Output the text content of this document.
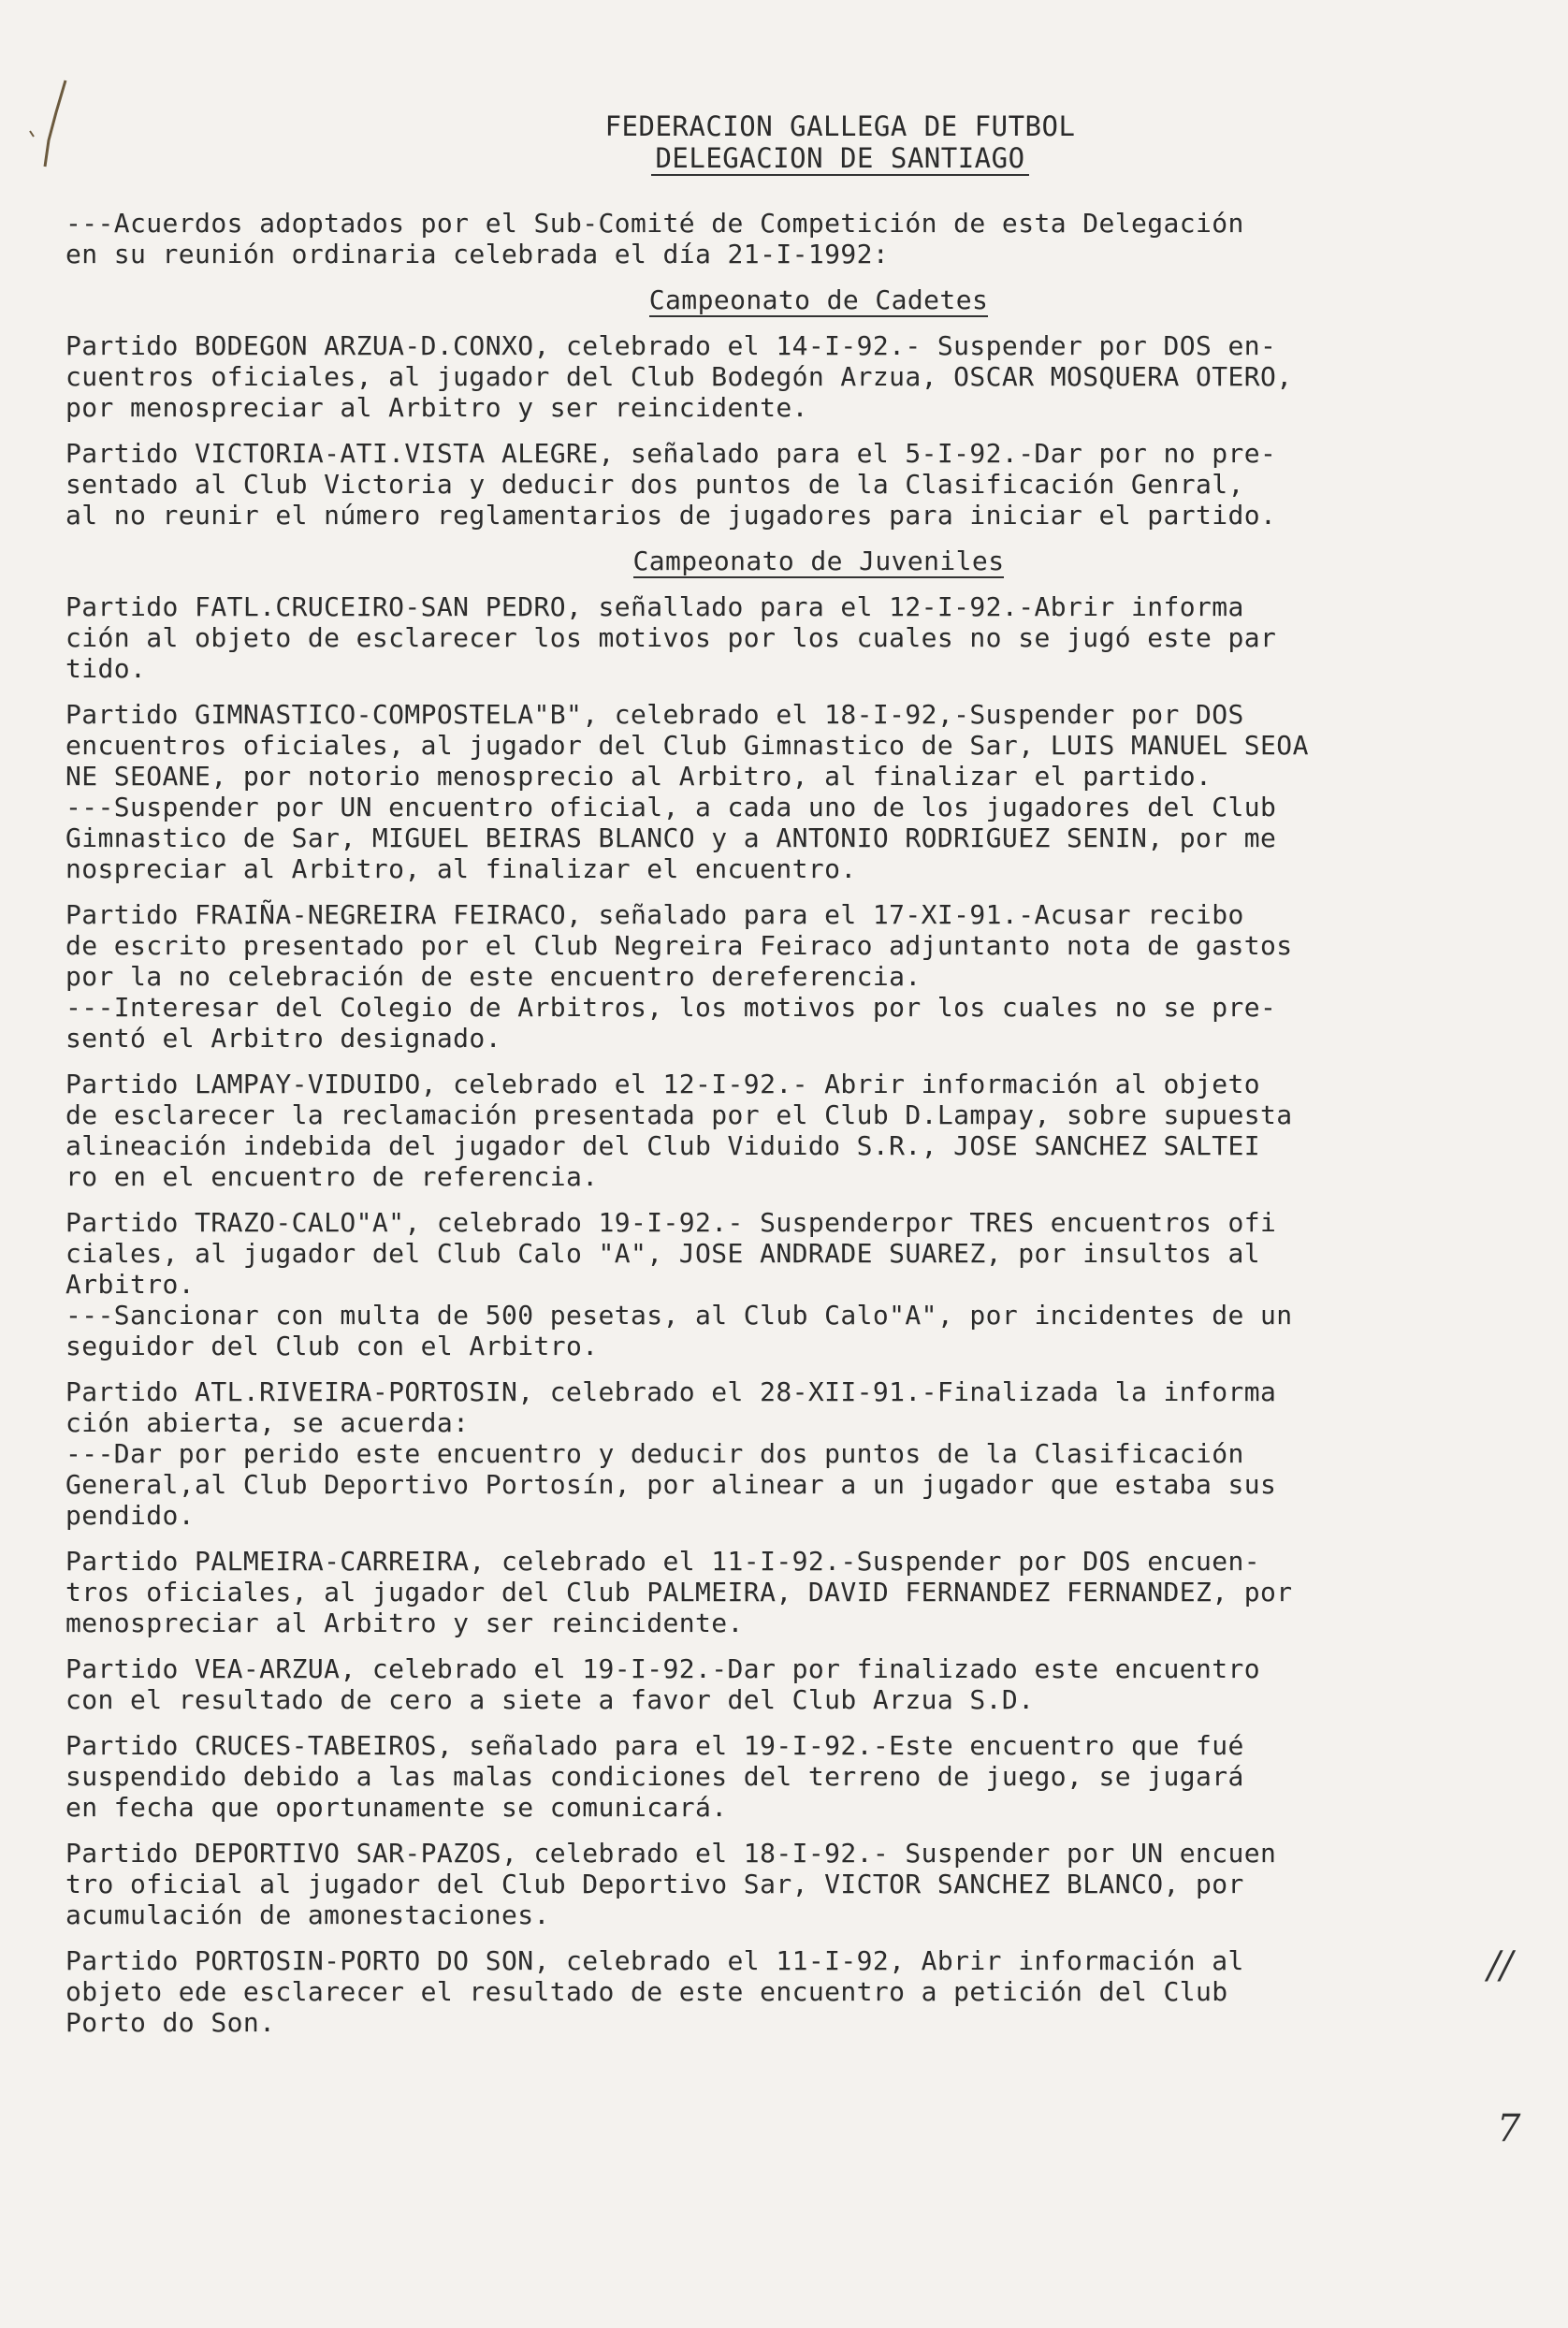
FEDERACION GALLEGA DE FUTBOL
DELEGACION DE SANTIAGO

---Acuerdos adoptados por el Sub-Comité de Competición de esta Delegación
en su reunión ordinaria celebrada el día 21-I-1992:

Campeonato de Cadetes

Partido BODEGON ARZUA-D.CONXO, celebrado el 14-I-92.- Suspender por DOS en-
cuentros oficiales, al jugador del Club Bodegón Arzua, OSCAR MOSQUERA OTERO,
por menospreciar al Arbitro y ser reincidente.

Partido VICTORIA-ATI.VISTA ALEGRE, señalado para el 5-I-92.-Dar por no pre-
sentado al Club Victoria y deducir dos puntos de la Clasificación Genral,
al no reunir el número reglamentarios de jugadores para iniciar el partido.

Campeonato de Juveniles

Partido FATL.CRUCEIRO-SAN PEDRO, señallado para el 12-I-92.-Abrir informa
ción al objeto de esclarecer los motivos por los cuales no se jugó este par
tido.

Partido GIMNASTICO-COMPOSTELA"B", celebrado el 18-I-92,-Suspender por DOS
encuentros oficiales, al jugador del Club Gimnastico de Sar, LUIS MANUEL SEOA
NE SEOANE, por notorio menosprecio al Arbitro, al finalizar el partido.
---Suspender por UN encuentro oficial, a cada uno de los jugadores del Club
Gimnastico de Sar, MIGUEL BEIRAS BLANCO y a ANTONIO RODRIGUEZ SENIN, por me
nospreciar al Arbitro, al finalizar el encuentro.

Partido FRAIÑA-NEGREIRA FEIRACO, señalado para el 17-XI-91.-Acusar recibo
de escrito presentado por el Club Negreira Feiraco adjuntanto nota de gastos
por la no celebración de este encuentro dereferencia.
---Interesar del Colegio de Arbitros, los motivos por los cuales no se pre-
sentó el Arbitro designado.

Partido LAMPAY-VIDUIDO, celebrado el 12-I-92.- Abrir información al objeto
de esclarecer la reclamación presentada por el Club D.Lampay, sobre supuesta
alineación indebida del jugador del Club Viduido S.R., JOSE SANCHEZ SALTEI
ro en el encuentro de referencia.

Partido TRAZO-CALO"A", celebrado 19-I-92.- Suspenderpor TRES encuentros ofi
ciales, al jugador del Club Calo "A", JOSE ANDRADE SUAREZ, por insultos al
Arbitro.
---Sancionar con multa de 500 pesetas, al Club Calo"A", por incidentes de un
seguidor del Club con el Arbitro.

Partido ATL.RIVEIRA-PORTOSIN, celebrado el 28-XII-91.-Finalizada la informa
ción abierta, se acuerda:
---Dar por perido este encuentro y deducir dos puntos de la Clasificación
General,al Club Deportivo Portosín, por alinear a un jugador que estaba sus
pendido.

Partido PALMEIRA-CARREIRA, celebrado el 11-I-92.-Suspender por DOS encuen-
tros oficiales, al jugador del Club PALMEIRA, DAVID FERNANDEZ FERNANDEZ, por
menospreciar al Arbitro y ser reincidente.

Partido VEA-ARZUA, celebrado el 19-I-92.-Dar por finalizado este encuentro
con el resultado de cero a siete a favor del Club Arzua S.D.

Partido CRUCES-TABEIROS, señalado para el 19-I-92.-Este encuentro que fué
suspendido debido a las malas condiciones del terreno de juego, se jugará
en fecha que oportunamente se comunicará.

Partido DEPORTIVO SAR-PAZOS, celebrado el 18-I-92.- Suspender por UN encuen
tro oficial al jugador del Club Deportivo Sar, VICTOR SANCHEZ BLANCO, por
acumulación de amonestaciones.

Partido PORTOSIN-PORTO DO SON, celebrado el 11-I-92, Abrir información al
objeto ede esclarecer el resultado de este encuentro a petición del Club
Porto do Son.

//
7
